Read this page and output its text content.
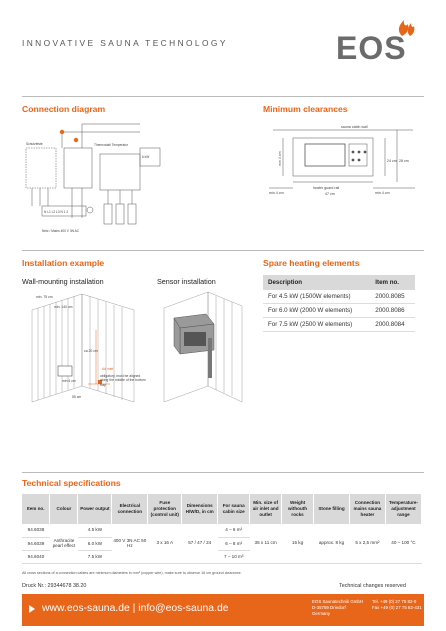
INNOVATIVE SAUNA TECHNOLOGY	EOS
Connection diagram
Schutzfeste	Thermostat/ Temperatur
6 kW
N L1 L2 L3 N 1 2
Netz / Mains 400 V 3N AC
Minimum clearances
sauna cabin wall
min 4 cm	24 cm 28 cm
min 4 cm
heater guard rail
47 cm	min 4 cm
Installation example
Wall-mounting installation	Sensor installation
min. 75 cm
min. 140 cm
ca 20 cm
min 4 cm
55 cm
Air inlet
obligatory, must be aligned along the middle of the bottom tray
Spare heating elements
Description	Item no.
For 4.5 kW (1500W elements)	2000.8085
For 6.0 kW (2000 W elements)	2000.8086
For 7.5 kW (2500 W elements)	2000.8084
Technical specifications
Item no.	Colour	Power output	Electrical connection	Fuse protection (control unit)	Dimensions H/W/D, in cm	For sauna cabin size	Min. size of air inlet and outlet	Weight withouth rocks	Stone filling	Connection mains sauna heater	Temperature-adjustment range
94.6038	Anthracite pearl effect	4.5 kW	400 V 3N AC 50 Hz	3 x 16 A	57 / 47 / 24	4 – 6 m³	35 x 11 cm	15 kg	approx. 8 kg	5 x 2,5 mm²	40 – 100 °C
94.6039		6.0 kW				6 – 8 m³					
94.6040		7.5 kW				7 – 10 m³					
All cross sections of a connection cables are minimum diameters in mm² (copper wire), make sure to observe 16 cm ground clearance.
Druck Nr.: 29344678 38.20	Technical changes reserved
www.eos-sauna.de | info@eos-sauna.de
EOS Saunatechnik GmbH
D-35759 Driedorf
Germany
Tel. +49 (0) 27 75 82-0
Fax +49 (0) 27 75 82-431
